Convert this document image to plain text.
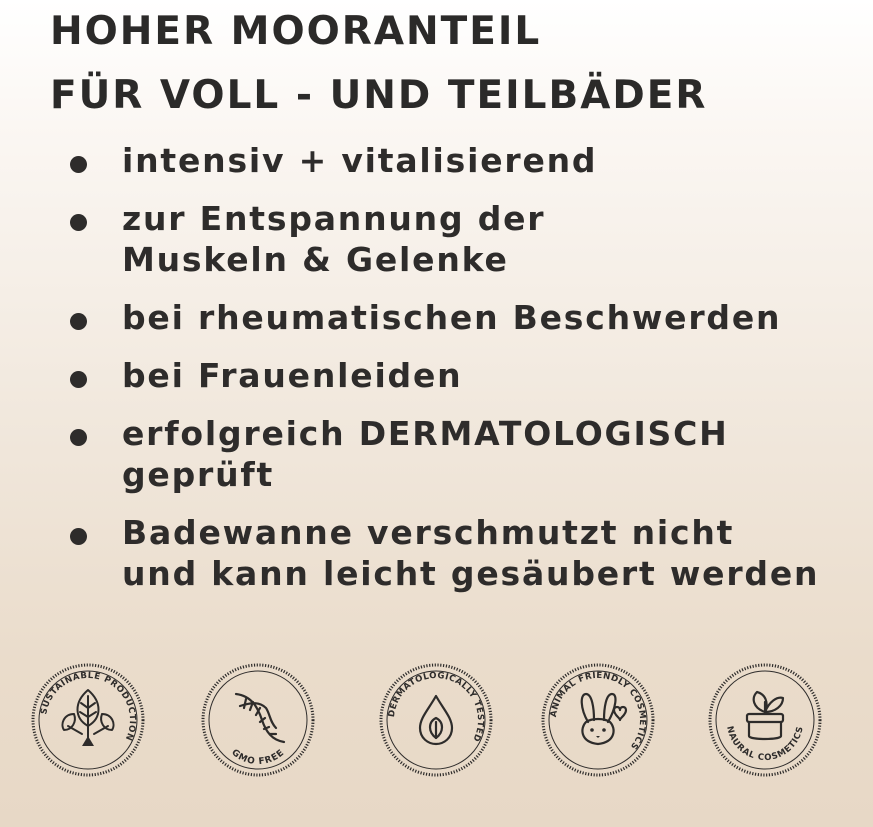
HOHER MOORANTEIL
FÜR VOLL - UND TEILBÄDER
intensiv + vitalisierend
zur Entspannung der
Muskeln & Gelenke
bei rheumatischen Beschwerden
bei Frauenleiden
erfolgreich DERMATOLOGISCH
geprüft
Badewanne verschmutzt nicht
und kann leicht gesäubert werden
SUSTAINABLE PRODUCTION
GMO FREE
DERMATOLOGICALLY TESTED
ANIMAL FRIENDLY COSMETICS
NAURAL COSMETICS
